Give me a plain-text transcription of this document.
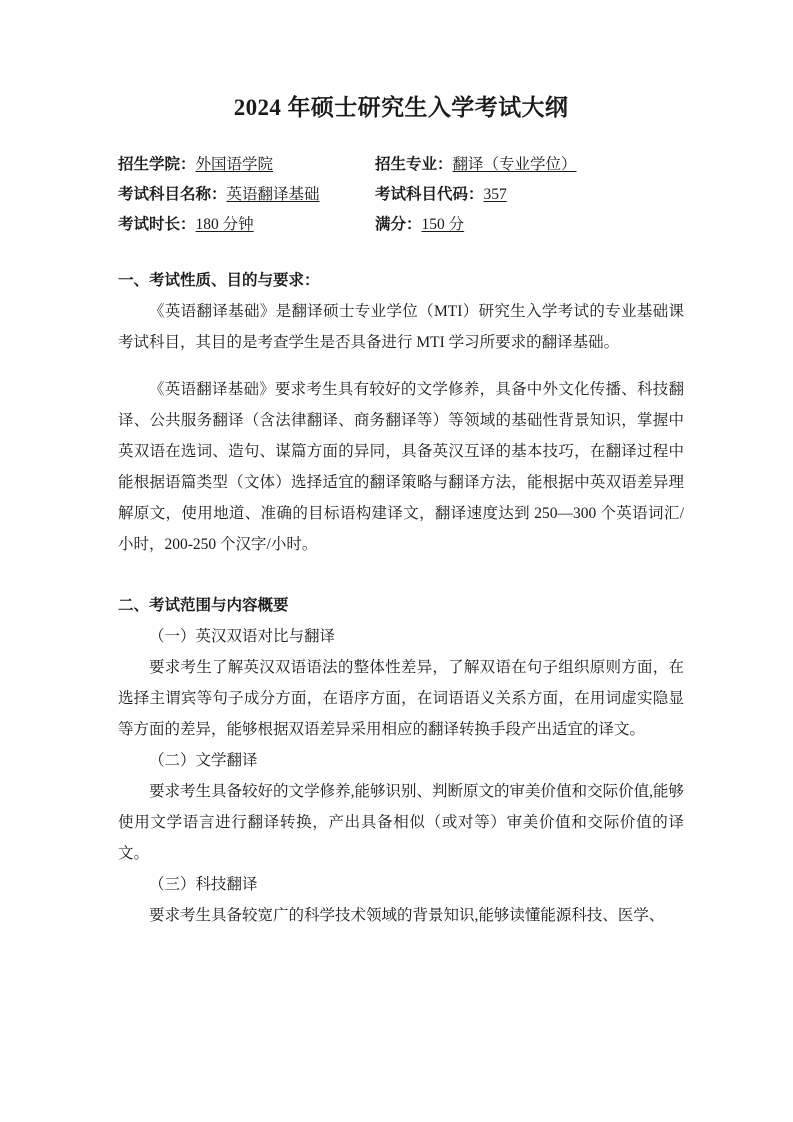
2024 年硕士研究生入学考试大纲
招生学院： 外国语学院	招生专业： 翻译（专业学位）
考试科目名称： 英语翻译基础	考试科目代码： 357
考试时长： 180 分钟	满分： 150 分
一、考试性质、目的与要求：

《英语翻译基础》是翻译硕士专业学位（MTI）研究生入学考试的专业基础课考试科目，其目的是考查学生是否具备进行 MTI 学习所要求的翻译基础。

《英语翻译基础》要求考生具有较好的文学修养，具备中外文化传播、科技翻译、公共服务翻译（含法律翻译、商务翻译等）等领域的基础性背景知识，掌握中英双语在选词、造句、谋篇方面的异同，具备英汉互译的基本技巧，在翻译过程中能根据语篇类型（文体）选择适宜的翻译策略与翻译方法，能根据中英双语差异理解原文，使用地道、准确的目标语构建译文，翻译速度达到 250—300 个英语词汇/小时，200-250 个汉字/小时。

二、考试范围与内容概要
（一）英汉双语对比与翻译

要求考生了解英汉双语语法的整体性差异，了解双语在句子组织原则方面，在选择主谓宾等句子成分方面，在语序方面，在词语语义关系方面，在用词虚实隐显等方面的差异，能够根据双语差异采用相应的翻译转换手段产出适宜的译文。

（二）文学翻译

要求考生具备较好的文学修养,能够识别、判断原文的审美价值和交际价值,能够使用文学语言进行翻译转换，产出具备相似（或对等）审美价值和交际价值的译文。

（三）科技翻译

要求考生具备较宽广的科学技术领域的背景知识,能够读懂能源科技、医学、
